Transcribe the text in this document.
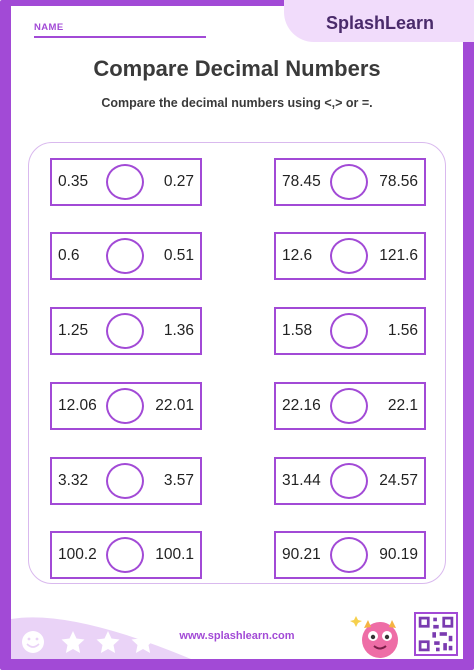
SplashLearn
NAME
Compare Decimal Numbers
Compare the decimal numbers using <,> or =.
0.35	0.27
0.6	0.51
1.25	1.36
12.06	22.01
3.32	3.57
100.2	100.1
78.45	78.56
12.6	121.6
1.58	1.56
22.16	22.1
31.44	24.57
90.21	90.19
www.splashlearn.com
